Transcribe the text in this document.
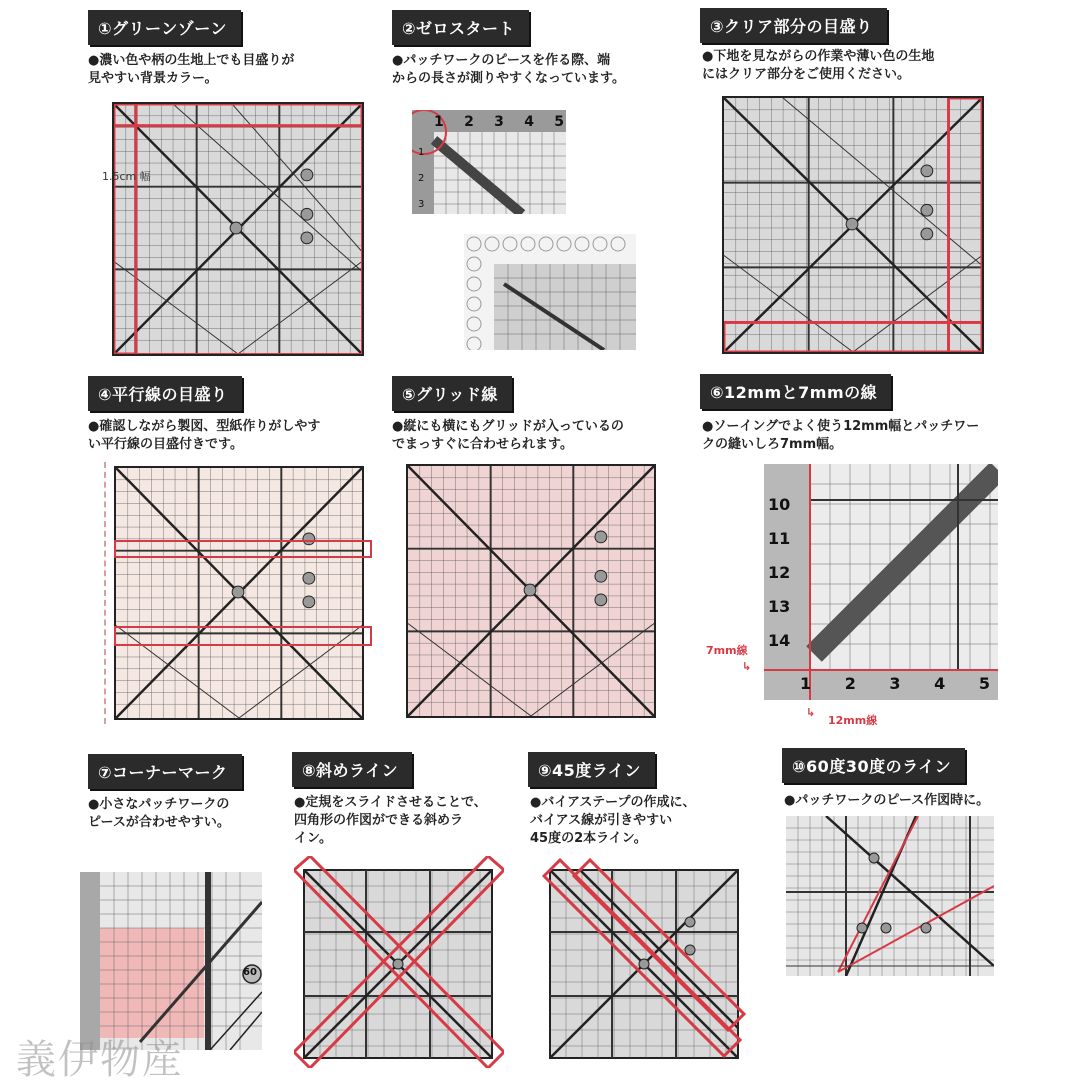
①グリーンゾーン
●濃い色や柄の生地上でも目盛りが
見やすい背景カラー。
1.5cm 幅
②ゼロスタート
●パッチワークのピースを作る際、端
からの長さが測りやすくなっています。
1 2 3 4 5
1
2
3
③クリア部分の目盛り
●下地を見ながらの作業や薄い色の生地
にはクリア部分をご使用ください。
④平行線の目盛り
●確認しながら製図、型紙作りがしやす
い平行線の目盛付きです。
⑤グリッド線
●縦にも横にもグリッドが入っているの
でまっすぐに合わせられます。
⑥12mmと7mmの線
●ソーイングでよく使う12mm幅とパッチワー
クの縫いしろ7mm幅。
10
11
12
13
14
1 2 3 4 5
7mm線
↳
↳
12mm線
⑦コーナーマーク
●小さなパッチワークの
ピースが合わせやすい。
60
⑧斜めライン
●定規をスライドさせることで、
四角形の作図ができる斜めラ
イン。
⑨45度ライン
●バイアステープの作成に、
バイアス線が引きやすい
45度の2本ライン。
⑩60度30度のライン
●パッチワークのピース作図時に。
義伊物産
